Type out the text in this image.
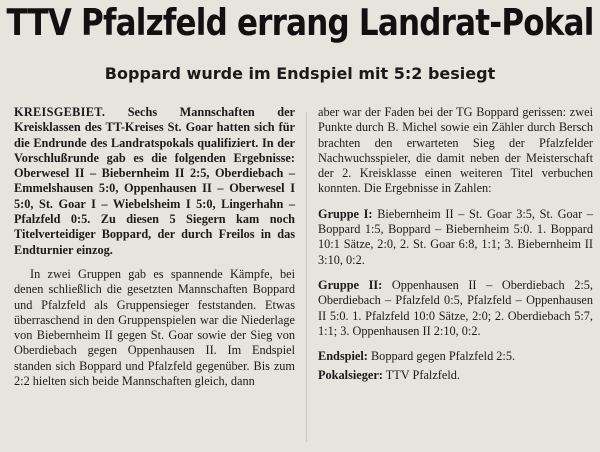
TTV Pfalzfeld errang Landrat-Pokal
Boppard wurde im Endspiel mit 5:2 besiegt

KREISGEBIET. Sechs Mannschaften der Kreisklassen des TT-Kreises St. Goar hatten sich für die Endrunde des Landratspokals qualifiziert. In der Vorschlußrunde gab es die folgenden Ergebnisse: Oberwesel II – Biebernheim II 2:5, Oberdiebach – Emmelshausen 5:0, Oppenhausen II – Oberwesel I 5:0, St. Goar I – Wiebelsheim I 5:0, Lingerhahn – Pfalzfeld 0:5. Zu diesen 5 Siegern kam noch Titelverteidiger Boppard, der durch Freilos in das Endturnier einzog.

In zwei Gruppen gab es spannende Kämpfe, bei denen schließlich die gesetzten Mannschaften Boppard und Pfalzfeld als Gruppensieger feststanden. Etwas überraschend in den Gruppenspielen war die Niederlage von Biebernheim II gegen St. Goar sowie der Sieg von Oberdiebach gegen Oppenhausen II. Im Endspiel standen sich Boppard und Pfalzfeld gegenüber. Bis zum 2:2 hielten sich beide Mannschaften gleich, dann

aber war der Faden bei der TG Boppard gerissen: zwei Punkte durch B. Michel sowie ein Zähler durch Bersch brachten den erwarteten Sieg der Pfalzfelder Nachwuchsspieler, die damit neben der Meisterschaft der 2. Kreisklasse einen weiteren Titel verbuchen konnten. Die Ergebnisse in Zahlen:

Gruppe I: Biebernheim II – St. Goar 3:5, St. Goar – Boppard 1:5, Boppard – Biebernheim 5:0. 1. Boppard 10:1 Sätze, 2:0, 2. St. Goar 6:8, 1:1; 3. Biebernheim II 3:10, 0:2.

Gruppe II: Oppenhausen II – Oberdiebach 2:5, Oberdiebach – Pfalzfeld 0:5, Pfalzfeld – Oppenhausen II 5:0. 1. Pfalzfeld 10:0 Sätze, 2:0; 2. Oberdiebach 5:7, 1:1; 3. Oppenhausen II 2:10, 0:2.

Endspiel: Boppard gegen Pfalzfeld 2:5.

Pokalsieger: TTV Pfalzfeld.
